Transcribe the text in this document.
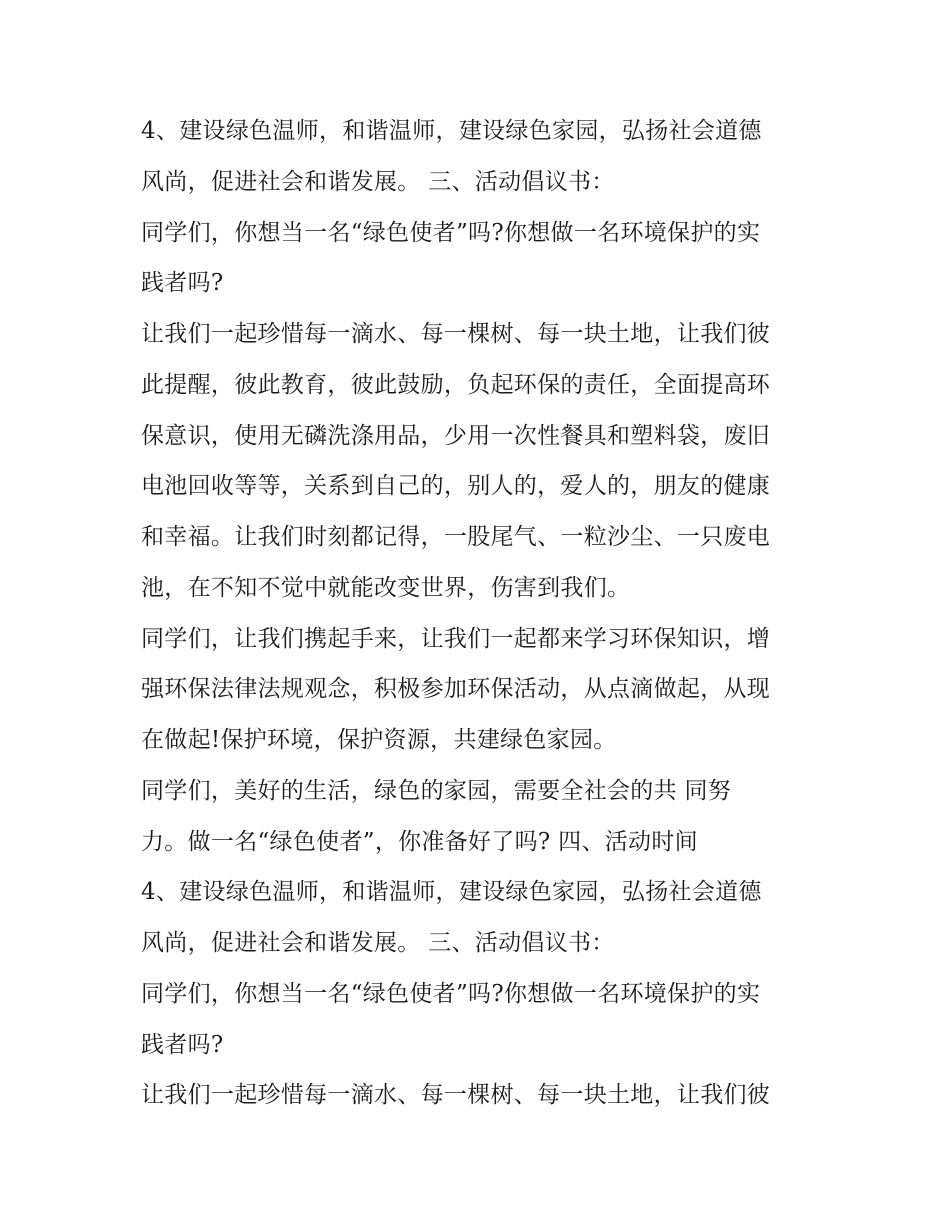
4、建设绿色温师，和谐温师，建设绿色家园，弘扬社会道德
风尚，促进社会和谐发展。 三、活动倡议书：
同学们，你想当一名“绿色使者”吗?你想做一名环境保护的实
践者吗?
让我们一起珍惜每一滴水、每一棵树、每一块土地，让我们彼
此提醒，彼此教育，彼此鼓励，负起环保的责任，全面提高环
保意识，使用无磷洗涤用品，少用一次性餐具和塑料袋，废旧
电池回收等等，关系到自己的，别人的，爱人的，朋友的健康
和幸福。让我们时刻都记得，一股尾气、一粒沙尘、一只废电
池，在不知不觉中就能改变世界，伤害到我们。
同学们，让我们携起手来，让我们一起都来学习环保知识，增
强环保法律法规观念，积极参加环保活动，从点滴做起，从现
在做起!保护环境，保护资源，共建绿色家园。
同学们，美好的生活，绿色的家园，需要全社会的共 同努
力。做一名“绿色使者”，你准备好了吗? 四、活动时间
4、建设绿色温师，和谐温师，建设绿色家园，弘扬社会道德
风尚，促进社会和谐发展。 三、活动倡议书：
同学们，你想当一名“绿色使者”吗?你想做一名环境保护的实
践者吗?
让我们一起珍惜每一滴水、每一棵树、每一块土地，让我们彼
